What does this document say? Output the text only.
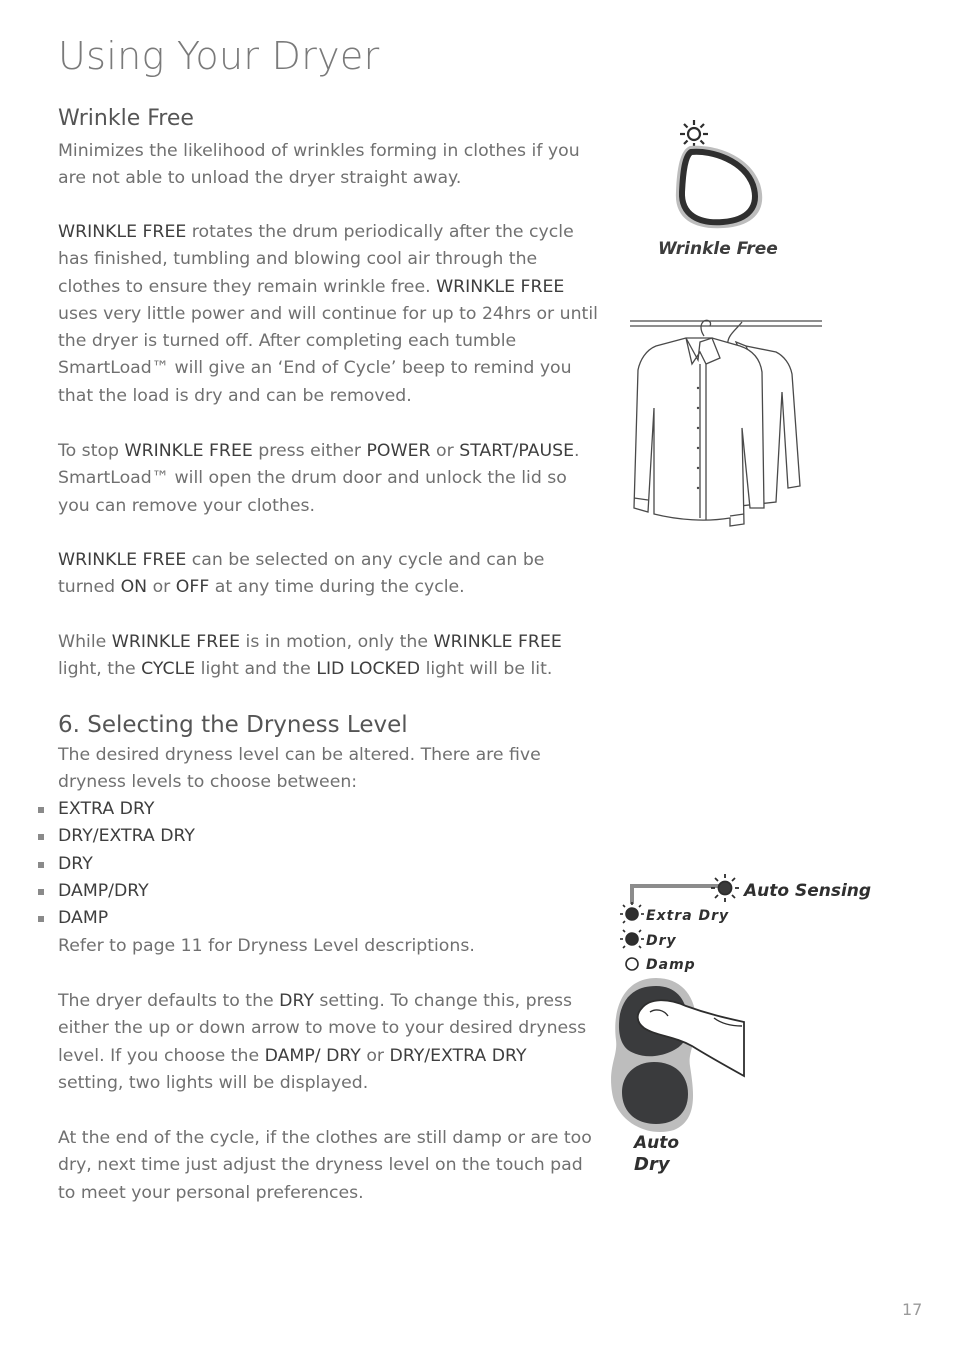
Using Your Dryer
Wrinkle Free

Minimizes the likelihood of wrinkles forming in clothes if you are not able to unload the dryer straight away.

WRINKLE FREE rotates the drum periodically after the cycle has finished, tumbling and blowing cool air through the clothes to ensure they remain wrinkle free. WRINKLE FREE uses very little power and will continue for up to 24hrs or until the dryer is turned off. After completing each tumble SmartLoad™ will give an ‘End of Cycle’ beep to remind you that the load is dry and can be removed.

To stop WRINKLE FREE press either POWER or START/PAUSE. SmartLoad™ will open the drum door and unlock the lid so you can remove your clothes.

WRINKLE FREE can be selected on any cycle and can be turned ON or OFF at any time during the cycle.

While WRINKLE FREE is in motion, only the WRINKLE FREE light, the CYCLE light and the LID LOCKED light will be lit.

6. Selecting the Dryness Level

The desired dryness level can be altered. There are five dryness levels to choose between:

EXTRA DRY
DRY/EXTRA DRY
DRY
DAMP/DRY
DAMP

Refer to page 11 for Dryness Level descriptions.

The dryer defaults to the DRY setting. To change this, press either the up or down arrow to move to your desired dryness level. If you choose the DAMP/ DRY or DRY/EXTRA DRY setting, two lights will be displayed.

At the end of the cycle, if the clothes are still damp or are too dry, next time just adjust the dryness level on the touch pad to meet your personal preferences.

Wrinkle Free
Auto Sensing
Extra Dry
Dry
Damp
Auto
Dry
17
